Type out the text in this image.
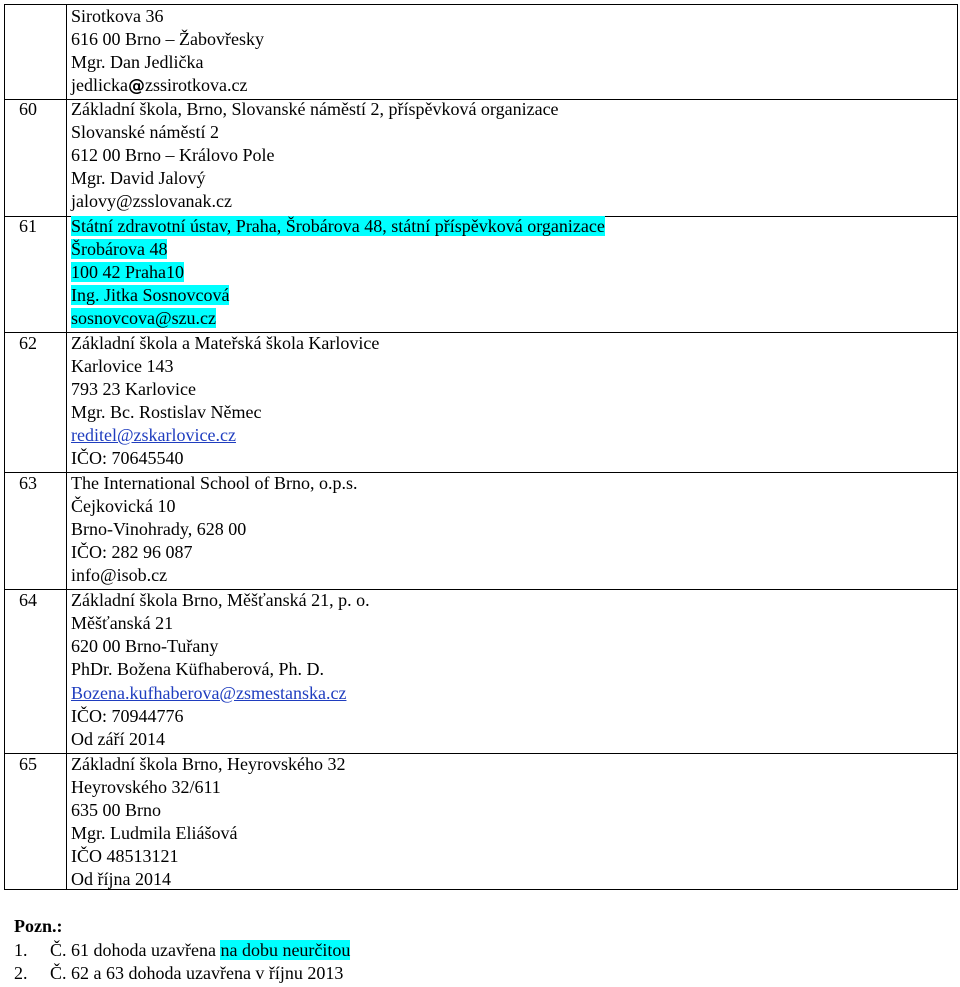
Sirotkova 36
616 00 Brno – Žabovřesky
Mgr. Dan Jedlička
jedlicka@zssirotkova.cz
60 Základní škola, Brno, Slovanské náměstí 2, příspěvková organizace
Slovanské náměstí 2
612 00 Brno – Královo Pole
Mgr. David Jalový
jalovy@zsslovanak.cz
61 Státní zdravotní ústav, Praha, Šrobárova 48, státní příspěvková organizace
Šrobárova 48
100 42 Praha10
Ing. Jitka Sosnovcová
sosnovcova@szu.cz
62 Základní škola a Mateřská škola Karlovice
Karlovice 143
793 23 Karlovice
Mgr. Bc. Rostislav Němec
reditel@zskarlovice.cz
IČO: 70645540
63 The International School of Brno, o.p.s.
Čejkovická 10
Brno-Vinohrady, 628 00
IČO: 282 96 087
info@isob.cz
64 Základní škola Brno, Měšťanská 21, p. o.
Měšťanská 21
620 00 Brno-Tuřany
PhDr. Božena Küfhaberová, Ph. D.
Bozena.kufhaberova@zsmestanska.cz
IČO: 70944776
Od září 2014
65 Základní škola Brno, Heyrovského 32
Heyrovského 32/611
635 00 Brno
Mgr. Ludmila Eliášová
IČO 48513121
Od října 2014
Pozn.:
1. Č. 61 dohoda uzavřena na dobu neurčitou
2. Č. 62 a 63 dohoda uzavřena v říjnu 2013
